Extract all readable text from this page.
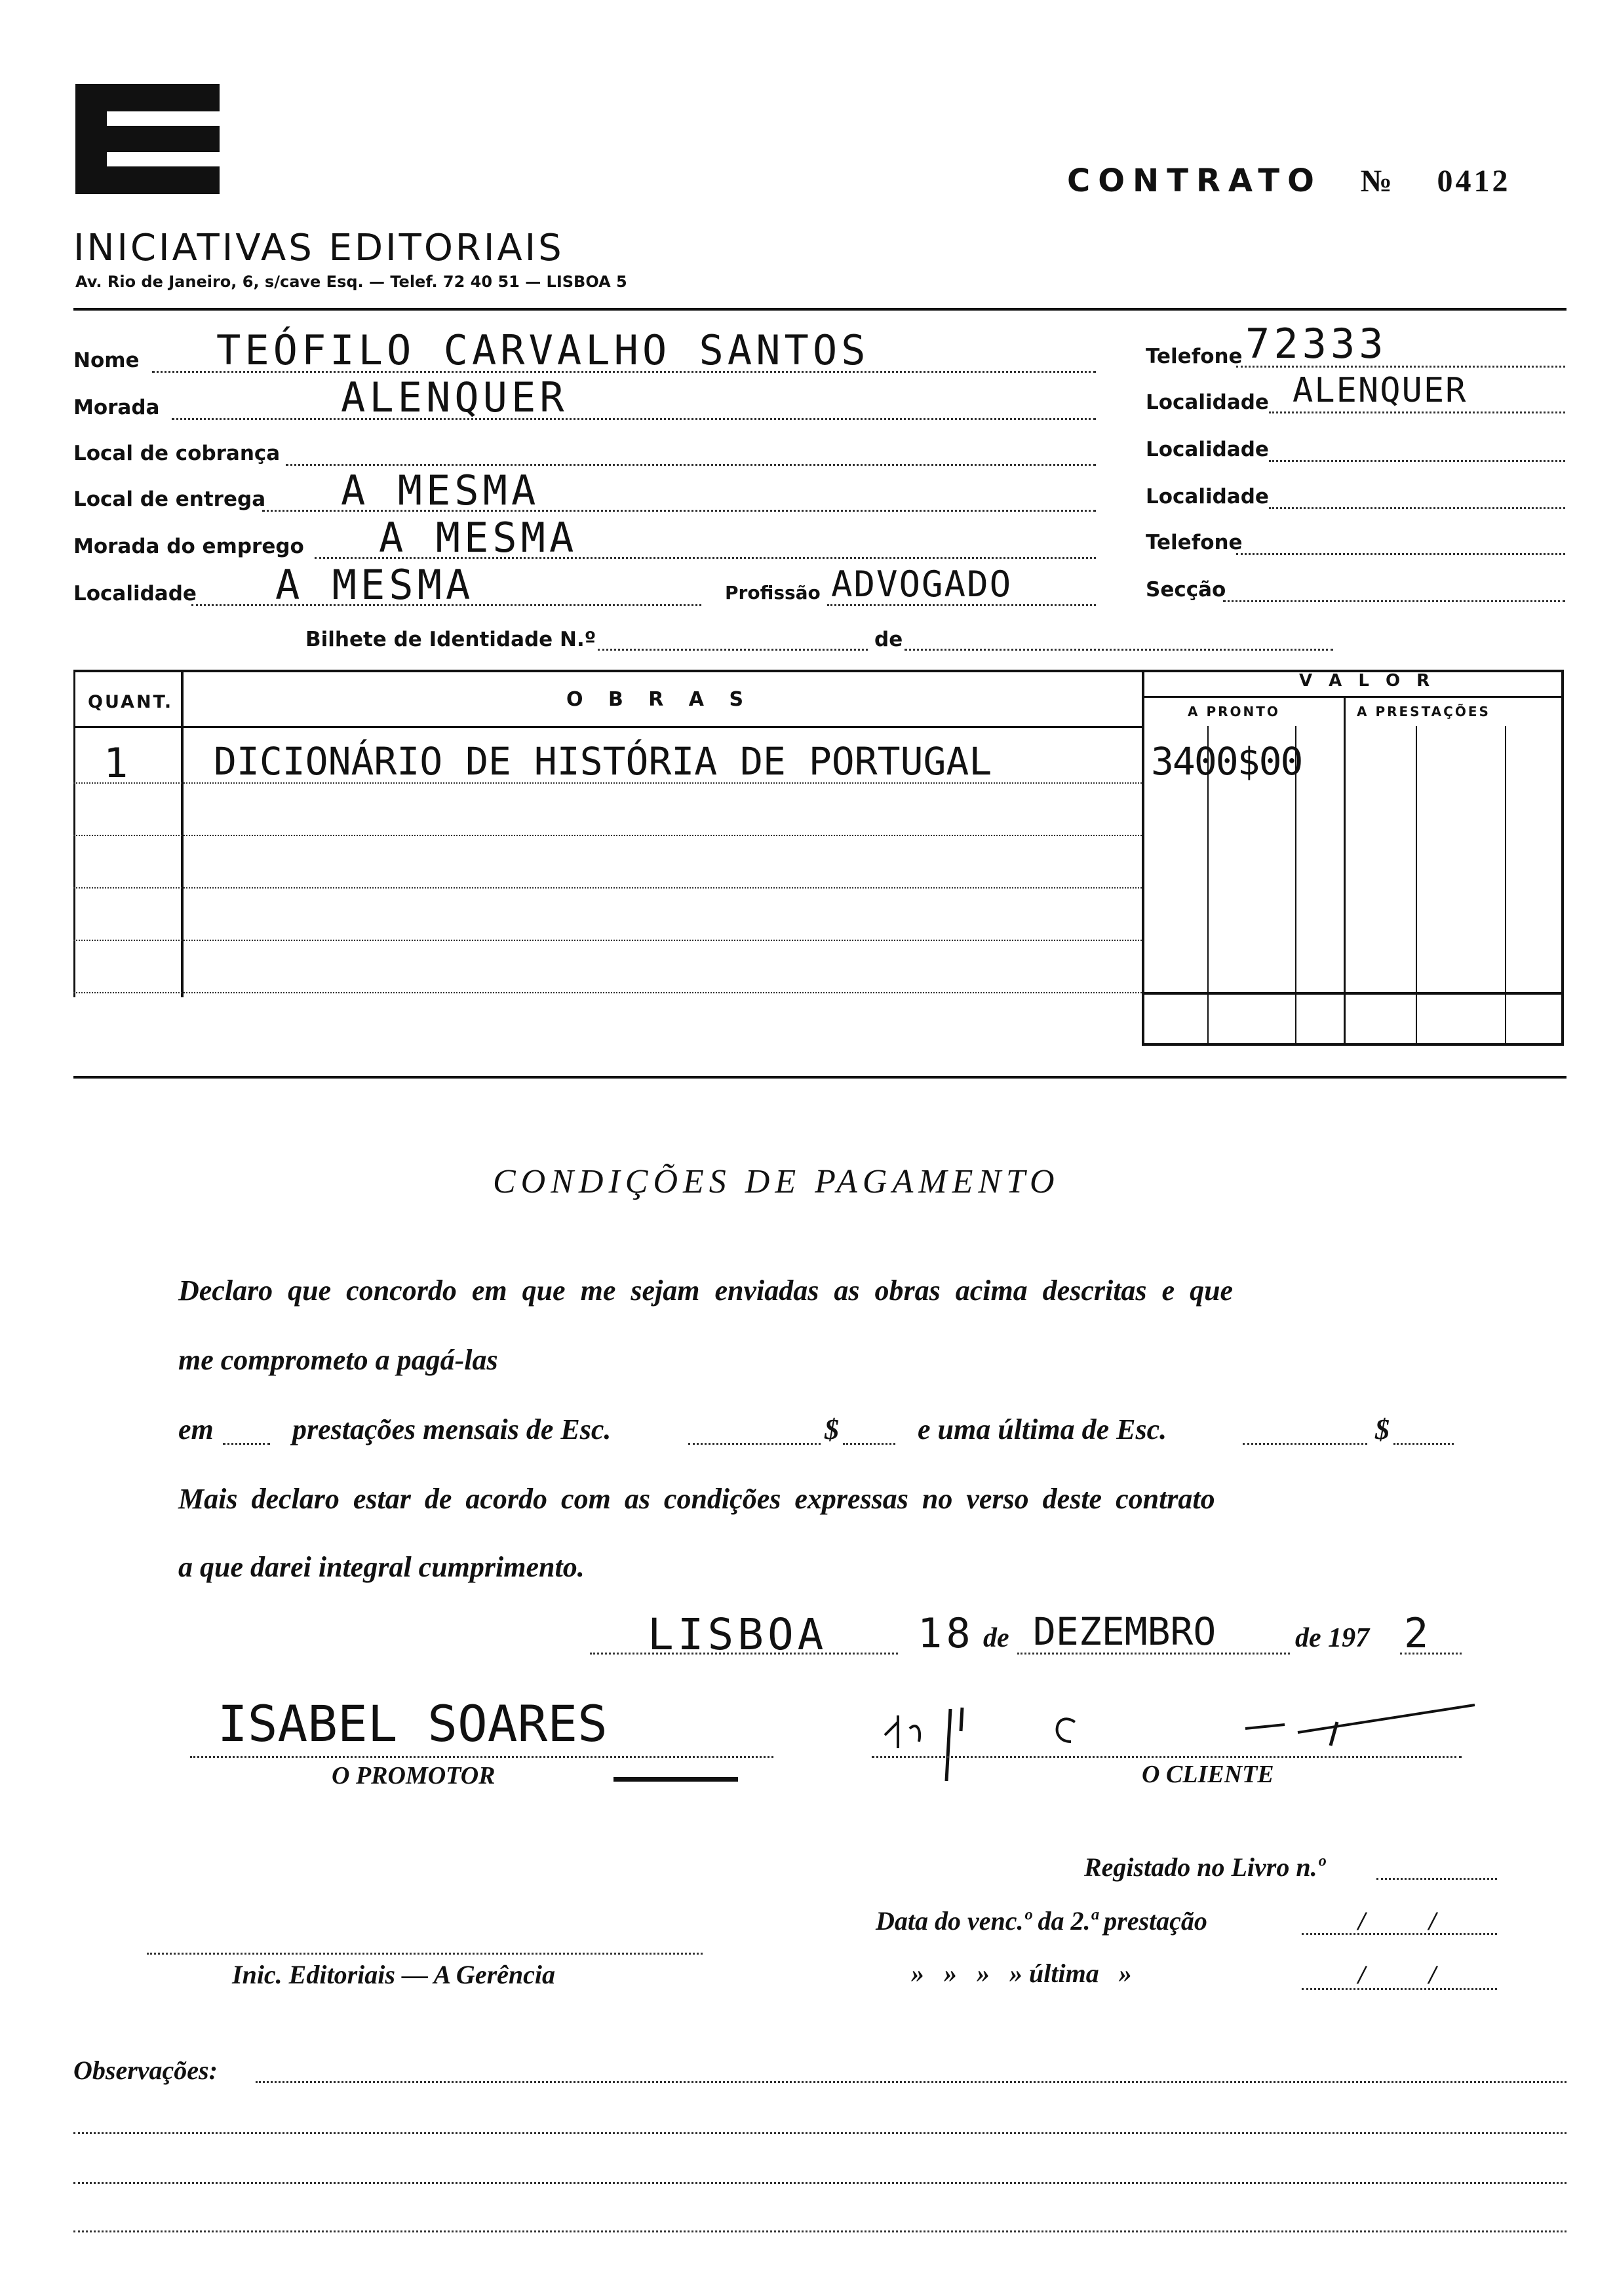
CONTRATO № 0412
INICIATIVAS EDITORIAIS
Av. Rio de Janeiro, 6, s/cave Esq. — Telef. 72 40 51 — LISBOA 5
Nome TEÓFILO CARVALHO SANTOS
Morada	ALENQUER
Local de cobrança
Local de entrega A MESMA
Morada do emprego A MESMA
Localidade A MESMA	Profissão ADVOGADO
Bilhete de Identidade N.º	de
Telefone 72333
Localidade ALENQUER
Localidade
Localidade
Telefone
Secção
QUANT.	O B R A S
V A L O R
A PRONTO	A PRESTAÇÕES
1 DICIONÁRIO DE HISTÓRIA DE PORTUGAL	3400$00
CONDIÇÕES DE PAGAMENTO
Declaro que concordo em que me sejam enviadas as obras acima descritas e que
me comprometo a pagá-las
em	prestações mensais de Esc.	$	e uma última de Esc.	$
Mais declaro estar de acordo com as condições expressas no verso deste contrato
a que darei integral cumprimento.
LISBOA 18 de DEZEMBRO	de 197 2
ISABEL SOARES
O PROMOTOR	O CLIENTE
Registado no Livro n.º
Data do venc.º da 2.ª prestação	/ /
»   »   »   » última   »	/ /
Inic. Editoriais — A Gerência
Observações:
